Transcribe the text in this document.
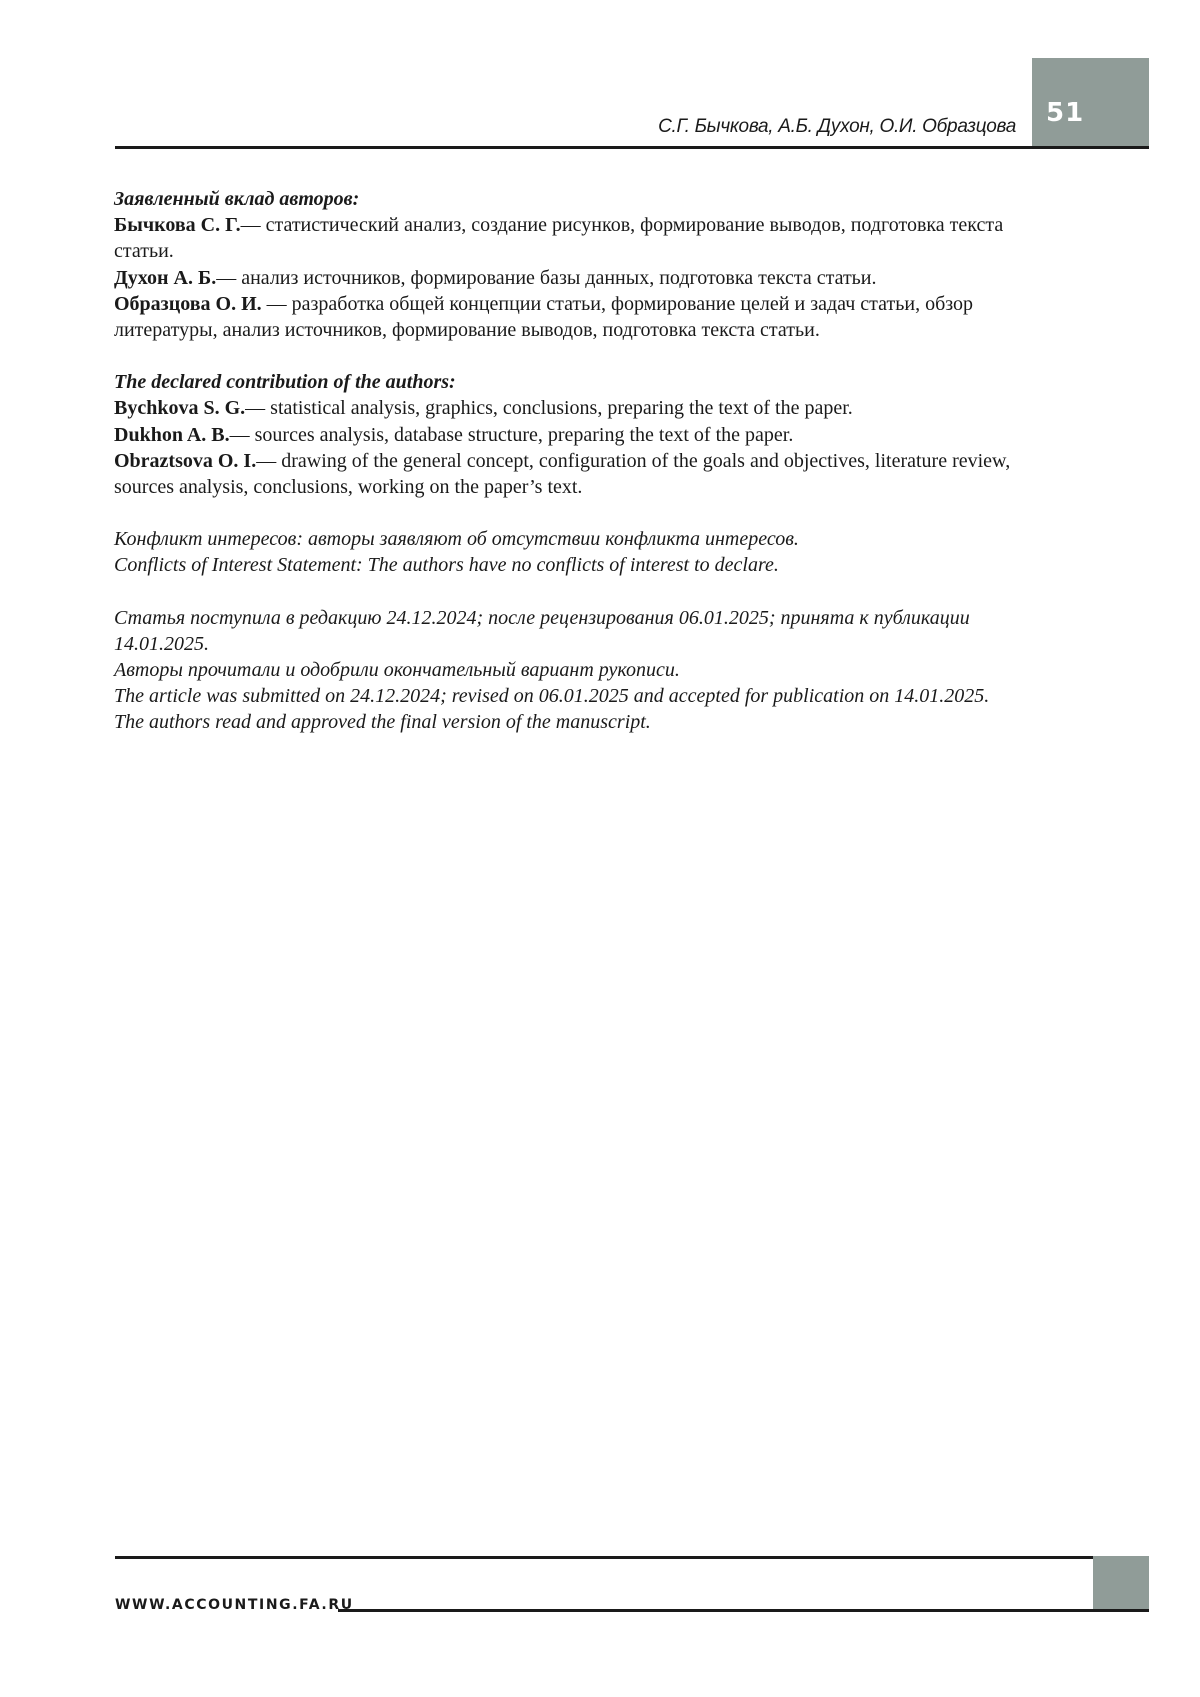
51
С.Г. Бычкова, А.Б. Духон, О.И. Образцова
Заявленный вклад авторов:
Бычкова С. Г.— статистический анализ, создание рисунков, формирование выводов, подготовка текста
статьи.
Духон А. Б.— анализ источников, формирование базы данных, подготовка текста статьи.
Образцова О. И. — разработка общей концепции статьи, формирование целей и задач статьи, обзор
литературы, анализ источников, формирование выводов, подготовка текста статьи.
The declared contribution of the authors:
Bychkova S. G.— statistical analysis, graphics, conclusions, preparing the text of the paper.
Dukhon A. B.— sources analysis, database structure, preparing the text of the paper.
Obraztsova O. I.— drawing of the general concept, configuration of the goals and objectives, literature review,
sources analysis, conclusions, working on the paper’s text.
Конфликт интересов: авторы заявляют об отсутствии конфликта интересов.
Conflicts of Interest Statement: The authors have no conflicts of interest to declare.
Статья поступила в редакцию 24.12.2024; после рецензирования 06.01.2025; принята к публикации
14.01.2025.
Авторы прочитали и одобрили окончательный вариант рукописи.
The article was submitted on 24.12.2024; revised on 06.01.2025 and accepted for publication on 14.01.2025.
The authors read and approved the final version of the manuscript.
WWW.ACCOUNTING.FA.RU
